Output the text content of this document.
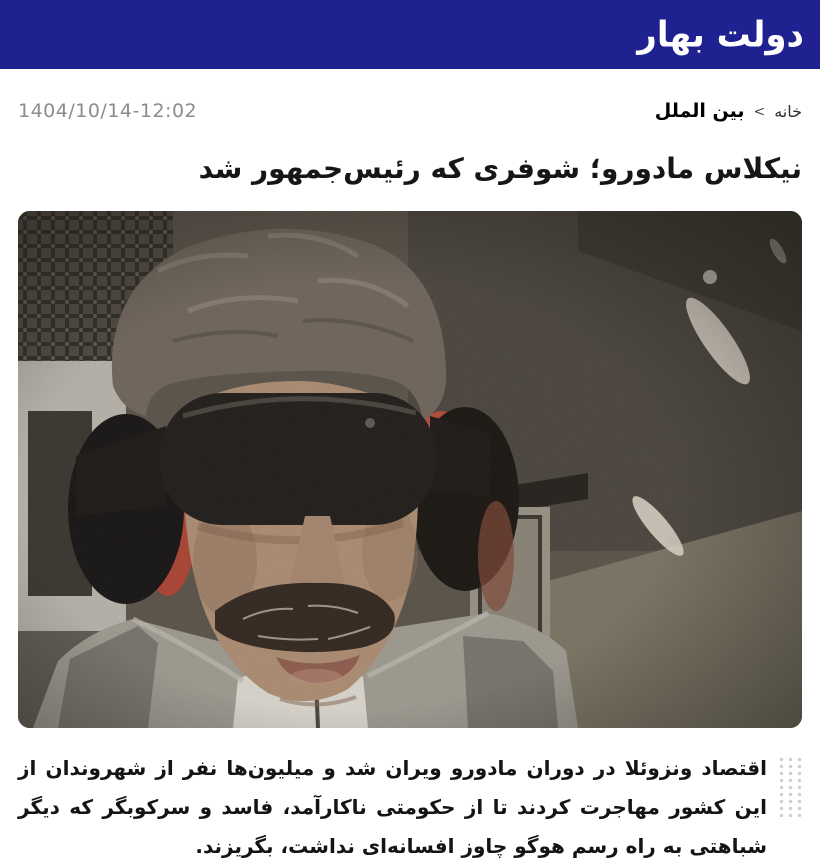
دولت بهار
1404/10/14-12:02	خانه
>
بین الملل
نیکلاس مادورو؛ شوفری که رئیس‌جمهور شد

اقتصاد ونزوئلا در دوران مادورو ویران شد و میلیون‌ها نفر از شهروندان از این کشور مهاجرت کردند تا از حکومتی ناکارآمد، فاسد و سرکوبگر که دیگر شباهتی به راه رسم هوگو چاوز افسانه‌ای نداشت، بگریزند.
